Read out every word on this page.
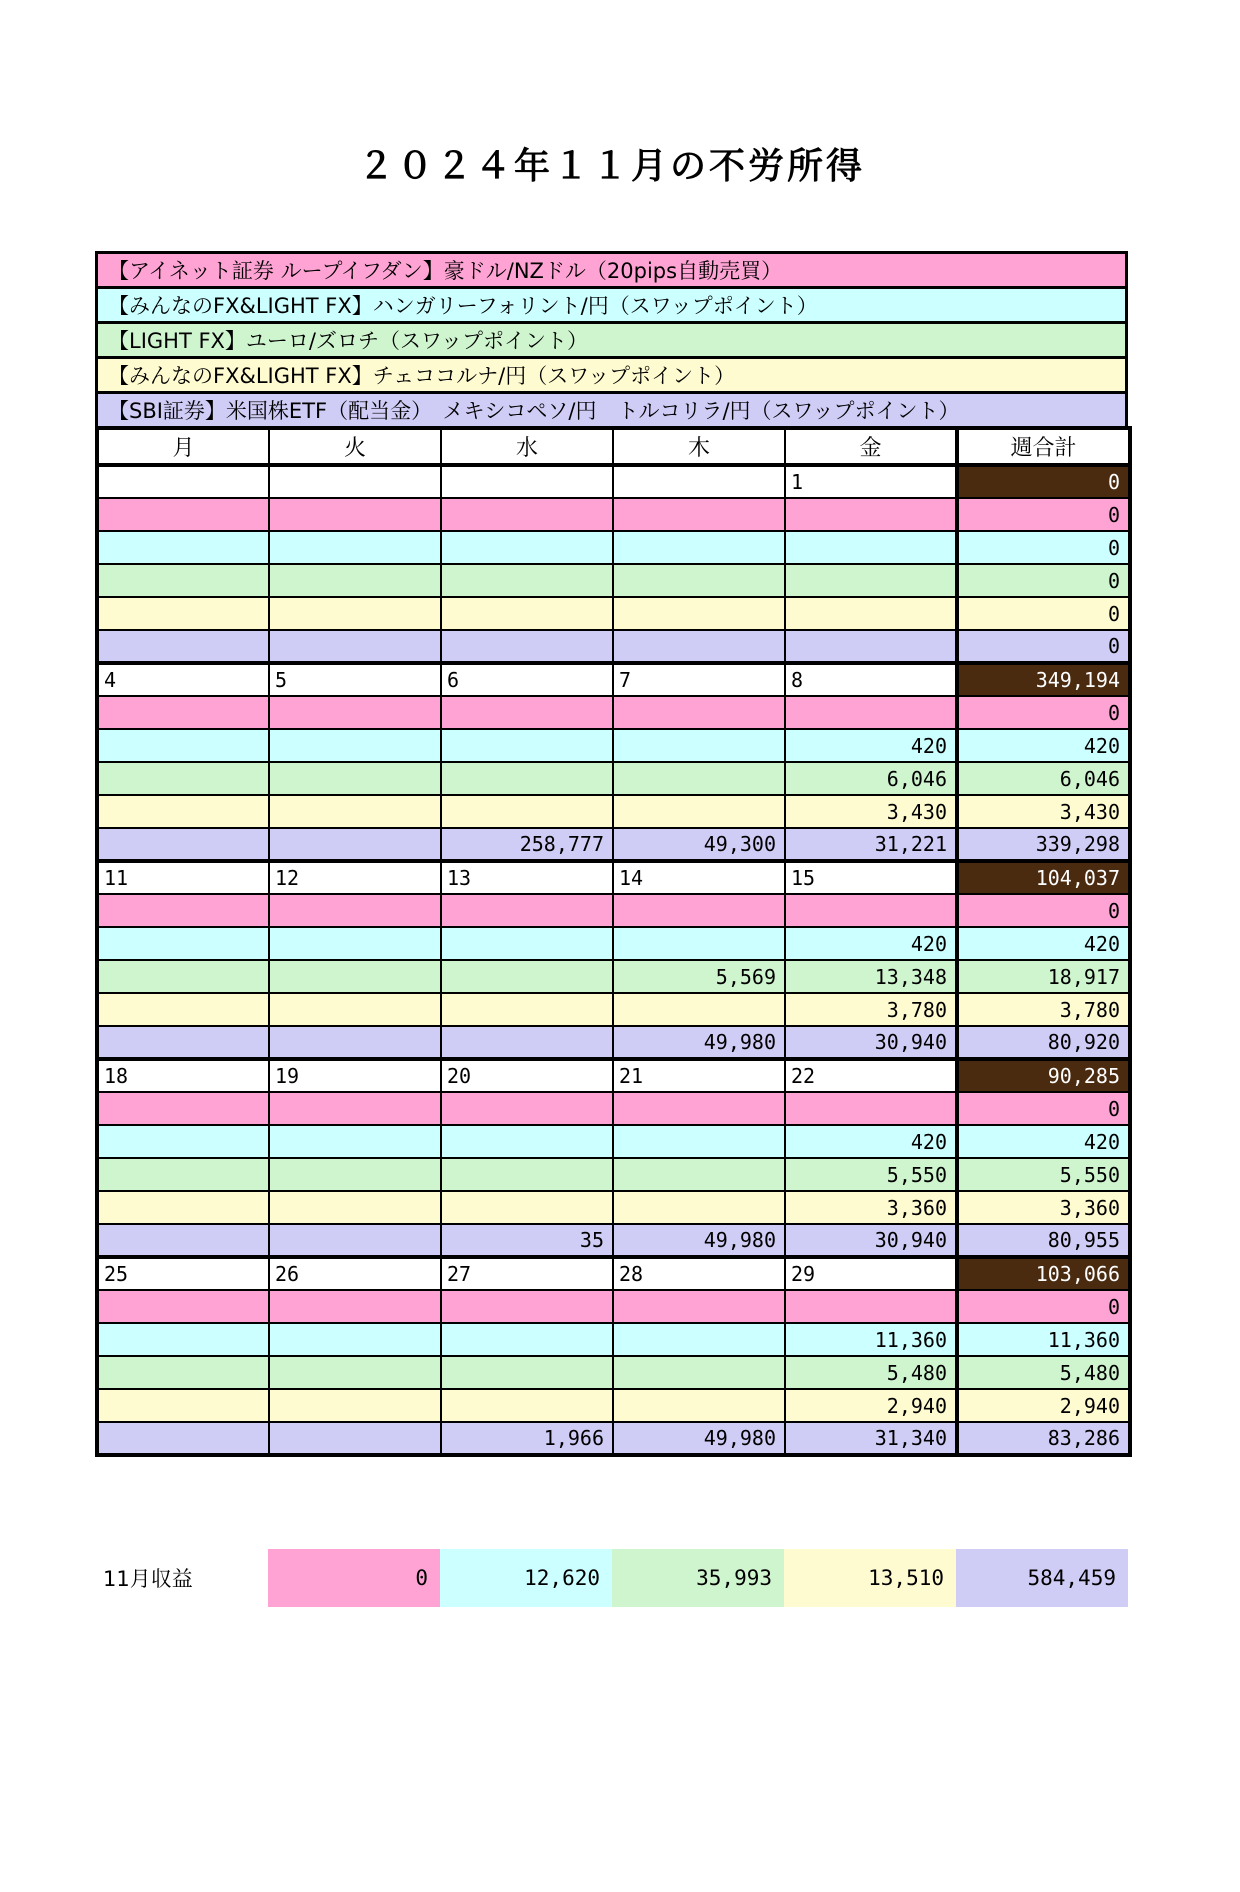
２０２４年１１月の不労所得
【アイネット証券 ループイフダン】豪ドル/NZドル（20pips自動売買）
【みんなのFX&LIGHT FX】ハンガリーフォリント/円（スワップポイント）
【LIGHT FX】ユーロ/ズロチ（スワップポイント）
【みんなのFX&LIGHT FX】チェココルナ/円（スワップポイント）
【SBI証券】米国株ETF（配当金）　メキシコペソ/円　トルコリラ/円（スワップポイント）
月	火	水	木	金	週合計
				1	0
					0
					0
					0
					0
					0
4	5	6	7	8	349,194
					0
				420	420
				6,046	6,046
				3,430	3,430
		258,777	49,300	31,221	339,298
11	12	13	14	15	104,037
					0
				420	420
			5,569	13,348	18,917
				3,780	3,780
			49,980	30,940	80,920
18	19	20	21	22	90,285
					0
				420	420
				5,550	5,550
				3,360	3,360
		35	49,980	30,940	80,955
25	26	27	28	29	103,066
					0
				11,360	11,360
				5,480	5,480
				2,940	2,940
		1,966	49,980	31,340	83,286
11月収益	0	12,620	35,993	13,510	584,459
